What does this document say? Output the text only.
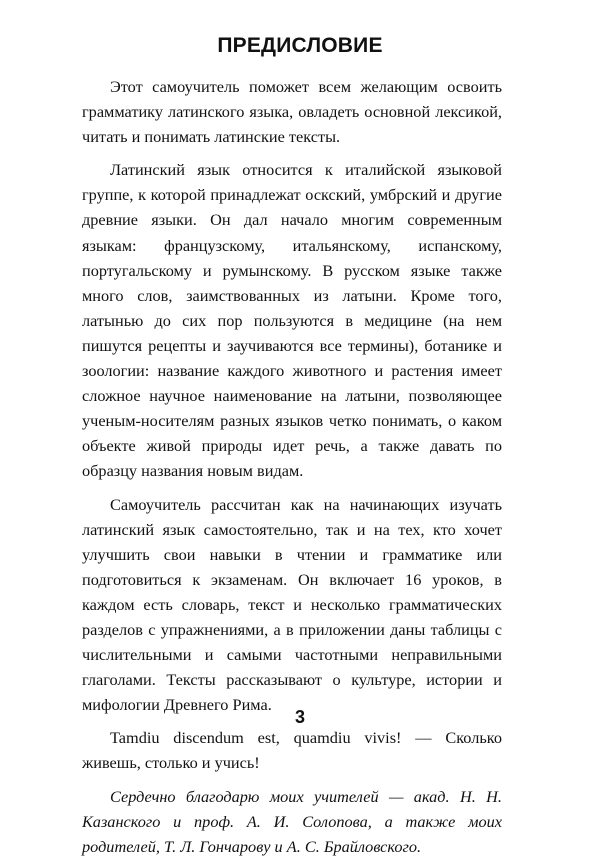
ПРЕДИСЛОВИЕ

Этот самоучитель поможет всем желающим освоить грамматику латинского языка, овладеть основной лексикой, читать и понимать латинские тексты.

Латинский язык относится к италийской языковой группе, к которой принадлежат оскский, умбрский и другие древние языки. Он дал начало многим современным языкам: французскому, итальянскому, испанскому, португальскому и румынскому. В русском языке также много слов, заимствованных из латыни. Кроме того, латынью до сих пор пользуются в медицине (на нем пишутся рецепты и заучиваются все термины), ботанике и зоологии: название каждого животного и растения имеет сложное научное наименование на латыни, позволяющее ученым-носителям разных языков четко понимать, о каком объекте живой природы идет речь, а также давать по образцу названия новым видам.

Самоучитель рассчитан как на начинающих изучать латинский язык самостоятельно, так и на тех, кто хочет улучшить свои навыки в чтении и грамматике или подготовиться к экзаменам. Он включает 16 уроков, в каждом есть словарь, текст и несколько грамматических разделов с упражнениями, а в приложении даны таблицы с числительными и самыми частотными неправильными глаголами. Тексты рассказывают о культуре, истории и мифологии Древнего Рима.

Tamdiu discendum est, quamdiu vivis! — Сколько живешь, столько и учись!

Сердечно благодарю моих учителей — акад. Н. Н. Казанского и проф. А. И. Солопова, а также моих родителей, Т. Л. Гончарову и А. С. Брайловского.

3
